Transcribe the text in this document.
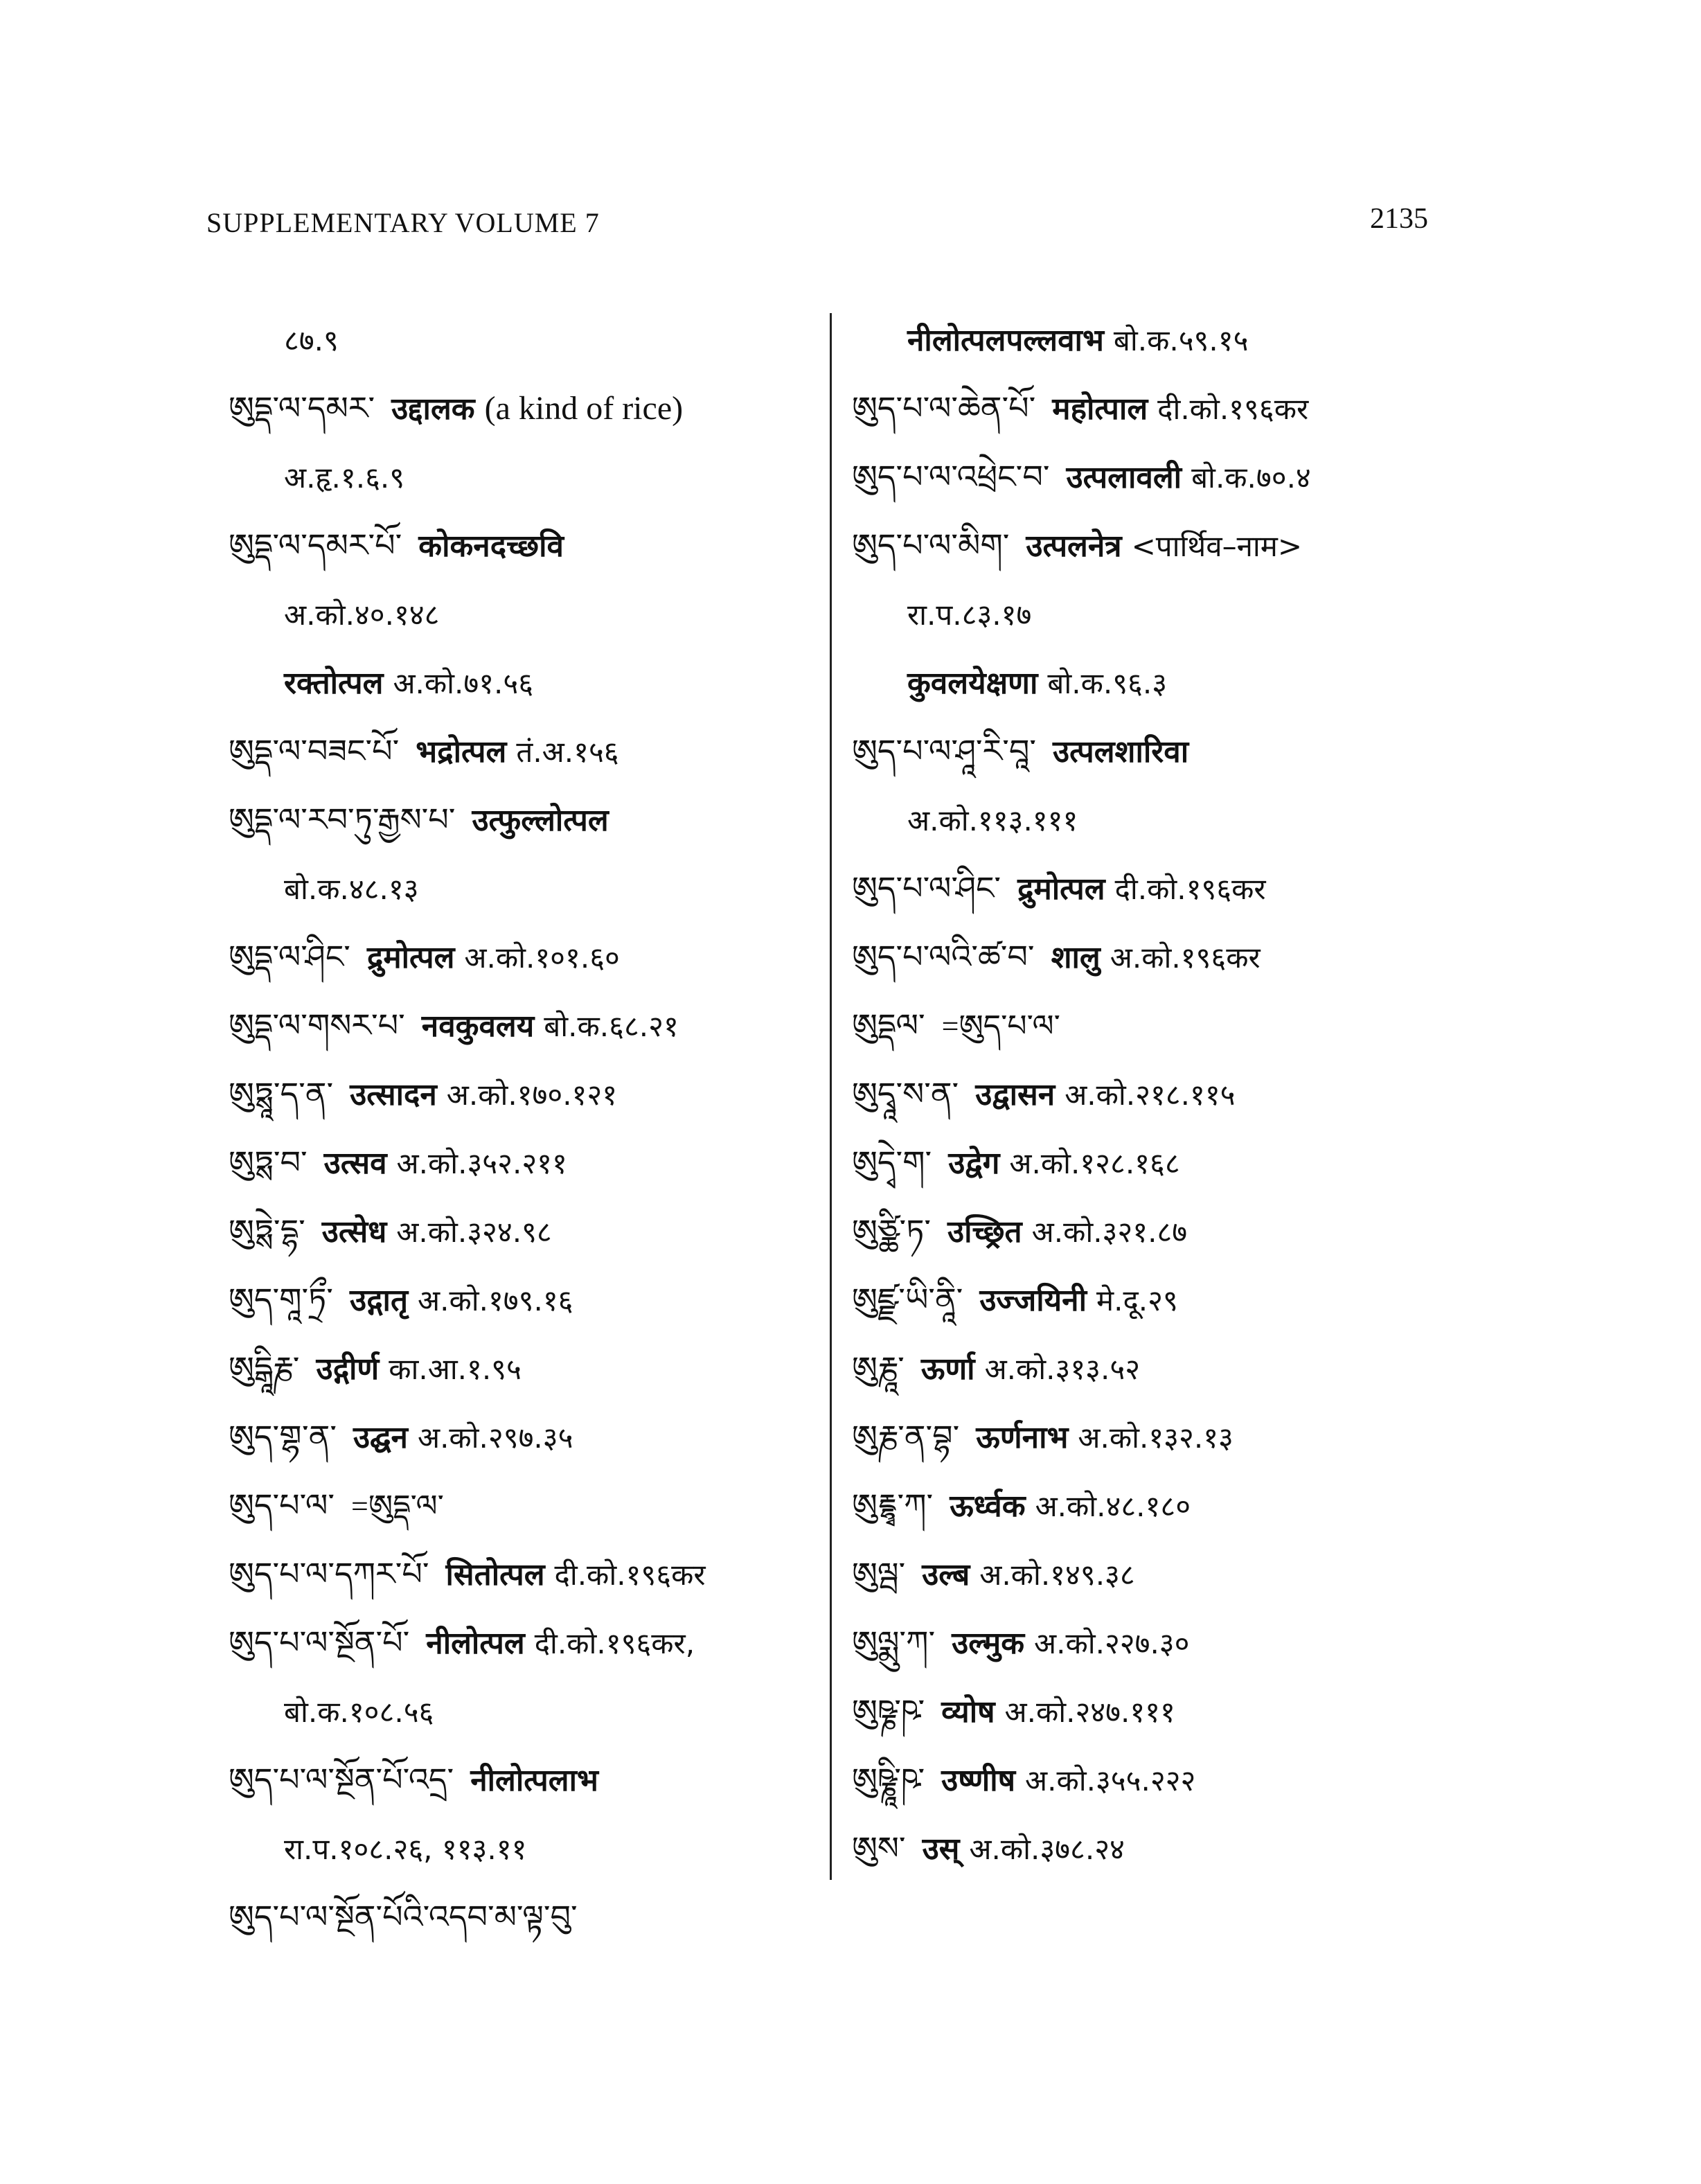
SUPPLEMENTARY VOLUME 7	2135
८७.९
ཨུདྡ་ལ་དམར་ उद्दालक (a kind of rice)
अ.हृ.१.६.९
ཨུདྡ་ལ་དམར་པོ་ कोकनदच्छवि
अ.को.४०.१४८
रक्तोत्पल अ.को.७१.५६
ཨུདྡ་ལ་བཟང་པོ་ भद्रोत्पल तं.अ.१५६
ཨུདྡ་ལ་རབ་ཏུ་རྒྱས་པ་ उत्फुल्लोत्पल
बो.क.४८.१३
ཨུདྡ་ལ་ཤིང་ द्रुमोत्पल अ.को.१०१.६०
ཨུདྡ་ལ་གསར་པ་ नवकुवलय बो.क.६८.२१
ཨུཏྶཱ་ད་ན་ उत्सादन अ.को.१७०.१२१
ཨུཏྶ་བ་ उत्सव अ.को.३५२.२११
ཨུཏྶེ་དྷ་ उत्सेध अ.को.३२४.९८
ཨུད་གཱ་ཏྲྀ་ उद्गातृ अ.को.१७९.१६
ཨུདྒཱིརྞ་ उद्गीर्ण का.आ.१.९५
ཨུད་གྷ་ན་ उद्घन अ.को.२९७.३५
ཨུད་པ་ལ་ =ཨུདྡ་ལ་
ཨུད་པ་ལ་དཀར་པོ་ सितोत्पल दी.को.१९६कर
ཨུད་པ་ལ་སྔོན་པོ་ नीलोत्पल दी.को.१९६कर,
बो.क.१०८.५६
ཨུད་པ་ལ་སྔོན་པོ་འདྲ་ नीलोत्पलाभ
रा.प.१०८.२६, ११३.११
ཨུད་པ་ལ་སྔོན་པོའི་འདབ་མ་ལྟ་བུ་
नीलोत्पलपल्लवाभ बो.क.५९.१५
ཨུད་པ་ལ་ཆེན་པོ་ महोत्पाल दी.को.१९६कर
ཨུད་པ་ལ་འཕྲེང་བ་ उत्पलावली बो.क.७०.४
ཨུད་པ་ལ་མིག་ उत्पलनेत्र <पार्थिव–नाम>
रा.प.८३.१७
कुवलयेक्षणा बो.क.९६.३
ཨུད་པ་ལ་ཤཱ་རི་བཱ་ उत्पलशारिवा
अ.को.११३.१११
ཨུད་པ་ལ་ཤིང་ द्रुमोत्पल दी.को.१९६कर
ཨུད་པ་ལའི་ཚ་བ་ शालु अ.को.१९६कर
ཨུདྡལ་ =ཨུད་པ་ལ་
ཨུདྭཱ་ས་ན་ उद्वासन अ.को.२१८.११५
ཨུདྭེ་ག་ उद्वेग अ.को.१२८.१६८
ཨུཙྪི་ཏ་ उच्छ्रित अ.को.३२१.८७
ཨུཛྫ་ཡི་ནཱི་ उज्जयिनी मे.दू.२९
ཨུརྞཱ་ ऊर्णा अ.को.३१३.५२
ཨུརྞ་ན་བྷ་ ऊर्णनाभ अ.को.१३२.१३
ཨུརྡྷྭ་ཀ་ ऊर्ध्वक अ.को.४८.१८०
ཨུལྦ་ उल्ब अ.को.१४९.३८
ཨུལྨུ་ཀ་ उल्मुक अ.को.२२७.३०
ཨུཥྞ་ཥ་ व्योष अ.को.२४७.१११
ཨུཥྞཱི་ཥ་ उष्णीष अ.को.३५५.२२२
ཨུས་ उस् अ.को.३७८.२४
